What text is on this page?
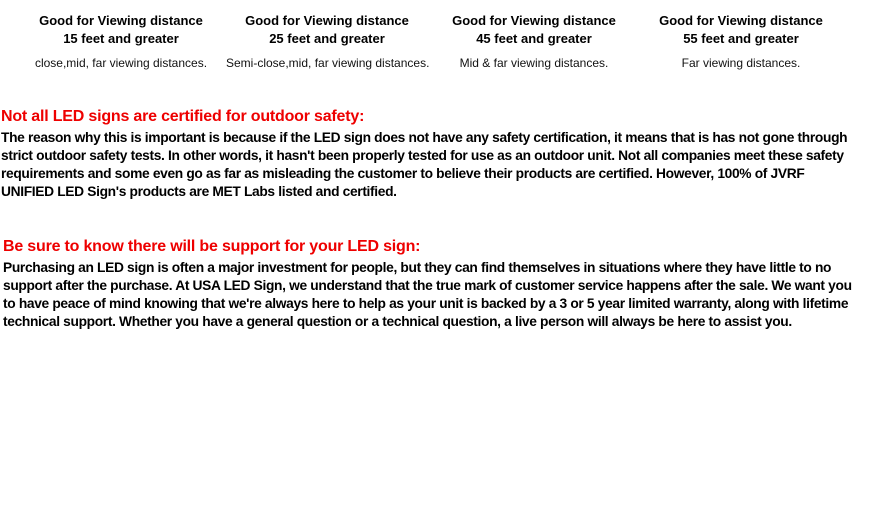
Good for Viewing distance
15 feet and greater
close,mid, far viewing distances.
Good for Viewing distance
25 feet and greater
Semi-close,mid, far viewing distances.
Good for Viewing distance
45 feet and greater
Mid & far viewing distances.
Good for Viewing distance
55 feet and greater
Far viewing distances.
Not all LED signs are certified for outdoor safety:

The reason why this is important is because if the LED sign does not have any safety certification, it means that is has not gone through strict outdoor safety tests. In other words, it hasn't been properly tested for use as an outdoor unit. Not all companies meet these safety requirements and some even go as far as misleading the customer to believe their products are certified. However, 100% of JVRF UNIFIED LED Sign's products are MET Labs listed and certified.

Be sure to know there will be support for your LED sign:

Purchasing an LED sign is often a major investment for people, but they can find themselves in situations where they have little to no support after the purchase. At USA LED Sign, we understand that the true mark of customer service happens after the sale. We want you to have peace of mind knowing that we're always here to help as your unit is backed by a 3 or 5 year limited warranty, along with lifetime technical support. Whether you have a general question or a technical question, a live person will always be here to assist you.
